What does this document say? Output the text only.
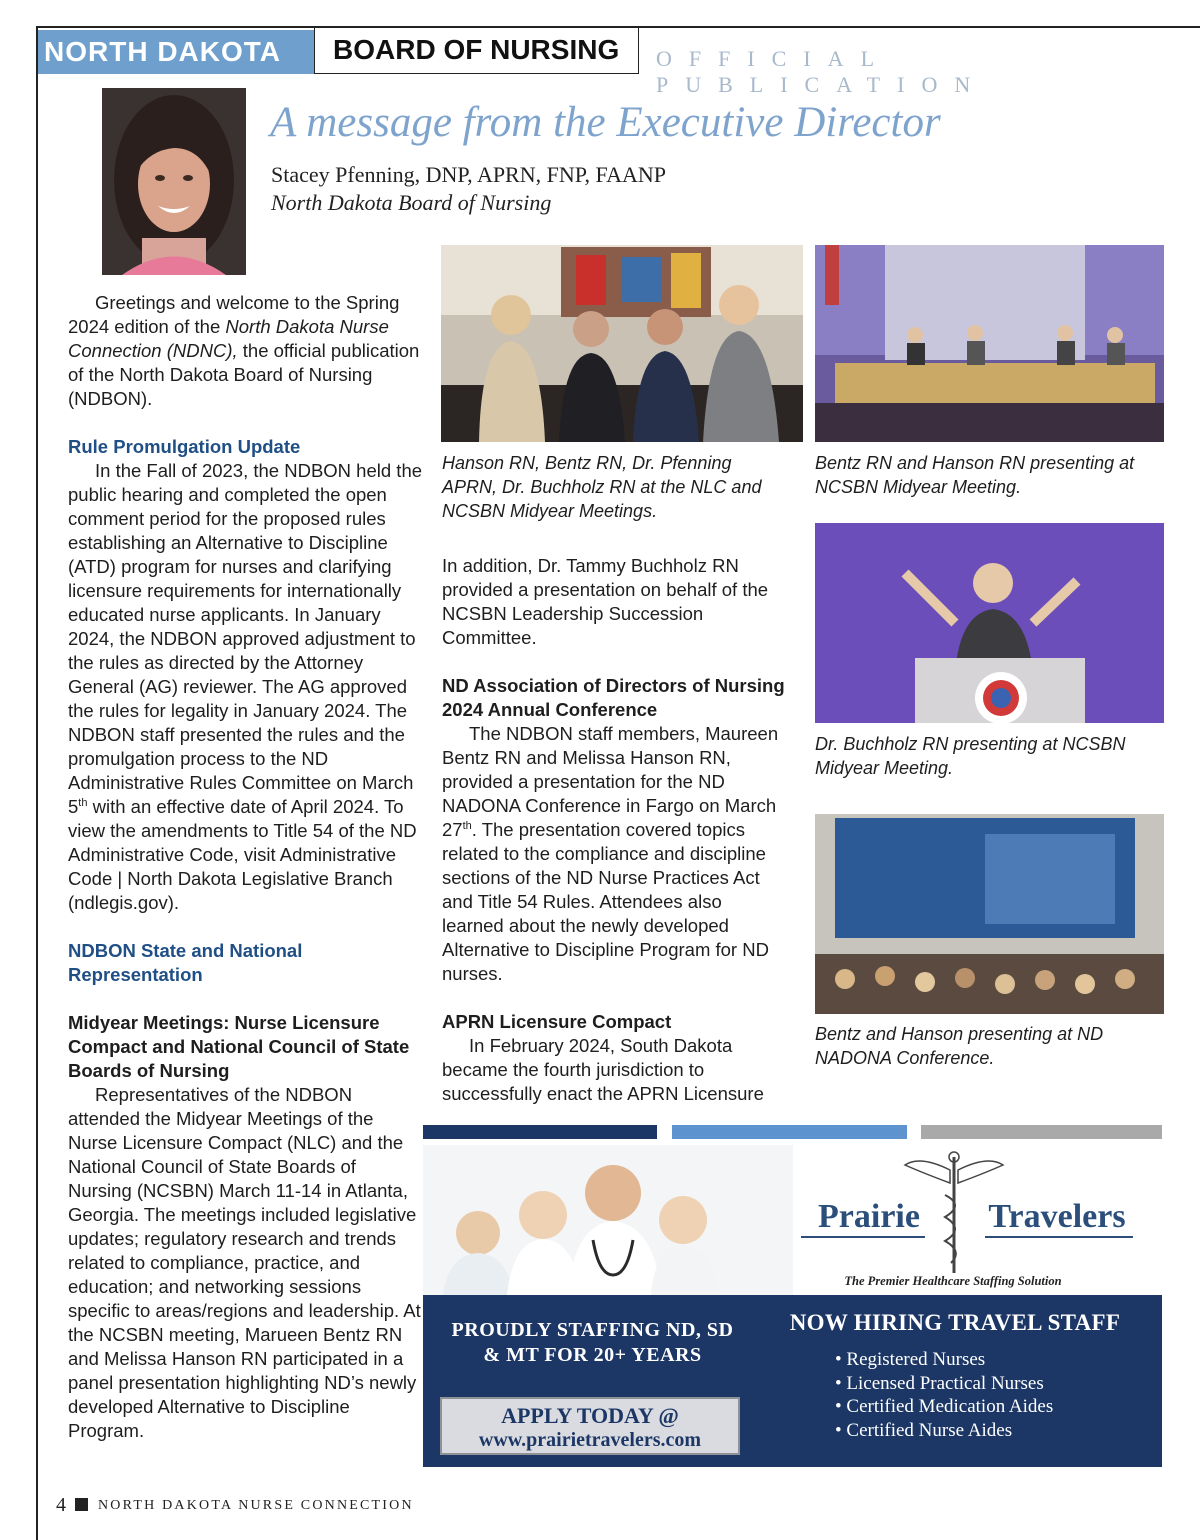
NORTH DAKOTA	BOARD OF NURSING	OFFICIAL PUBLICATION
A message from the Executive Director
Stacey Pfenning, DNP, APRN, FNP, FAANP
North Dakota Board of Nursing

Greetings and welcome to the Spring 2024 edition of the North Dakota Nurse Connection (NDNC), the official publication of the North Dakota Board of Nursing (NDBON).

Rule Promulgation Update

In the Fall of 2023, the NDBON held the public hearing and completed the open comment period for the proposed rules establishing an Alternative to Discipline (ATD) program for nurses and clarifying licensure requirements for internationally educated nurse applicants. In January 2024, the NDBON approved adjustment to the rules as directed by the Attorney General (AG) reviewer. The AG approved the rules for legality in January 2024. The NDBON staff presented the rules and the promulgation process to the ND Administrative Rules Committee on March 5th with an effective date of April 2024. To view the amendments to Title 54 of the ND Administrative Code, visit Administrative Code | North Dakota Legislative Branch (ndlegis.gov).

NDBON State and National Representation

Midyear Meetings: Nurse Licensure Compact and National Council of State Boards of Nursing

Representatives of the NDBON attended the Midyear Meetings of the Nurse Licensure Compact (NLC) and the National Council of State Boards of Nursing (NCSBN) March 11-14 in Atlanta, Georgia. The meetings included legislative updates; regulatory research and trends related to compliance, practice, and education; and networking sessions specific to areas/regions and leadership. At the NCSBN meeting, Marueen Bentz RN and Melissa Hanson RN participated in a panel presentation highlighting ND’s newly developed Alternative to Discipline Program.

Hanson RN, Bentz RN, Dr. Pfenning APRN, Dr. Buchholz RN at the NLC and NCSBN Midyear Meetings.
Bentz RN and Hanson RN presenting at NCSBN Midyear Meeting.
Dr. Buchholz RN presenting at NCSBN Midyear Meeting.
Bentz and Hanson presenting at ND NADONA Conference.

In addition, Dr. Tammy Buchholz RN provided a presentation on behalf of the NCSBN Leadership Succession Committee.

ND Association of Directors of Nursing 2024 Annual Conference

The NDBON staff members, Maureen Bentz RN and Melissa Hanson RN, provided a presentation for the ND NADONA Conference in Fargo on March 27th. The presentation covered topics related to the compliance and discipline sections of the ND Nurse Practices Act and Title 54 Rules. Attendees also learned about the newly developed Alternative to Discipline Program for ND nurses.

APRN Licensure Compact

In February 2024, South Dakota became the fourth jurisdiction to successfully enact the APRN Licensure

Prairie Travelers
The Premier Healthcare Staffing Solution
PROUDLY STAFFING ND, SD & MT FOR 20+ YEARS
APPLY TODAY @
www.prairietravelers.com
NOW HIRING TRAVEL STAFF
• Registered Nurses
• Licensed Practical Nurses
• Certified Medication Aides
• Certified Nurse Aides
4 NORTH DAKOTA NURSE CONNECTION
